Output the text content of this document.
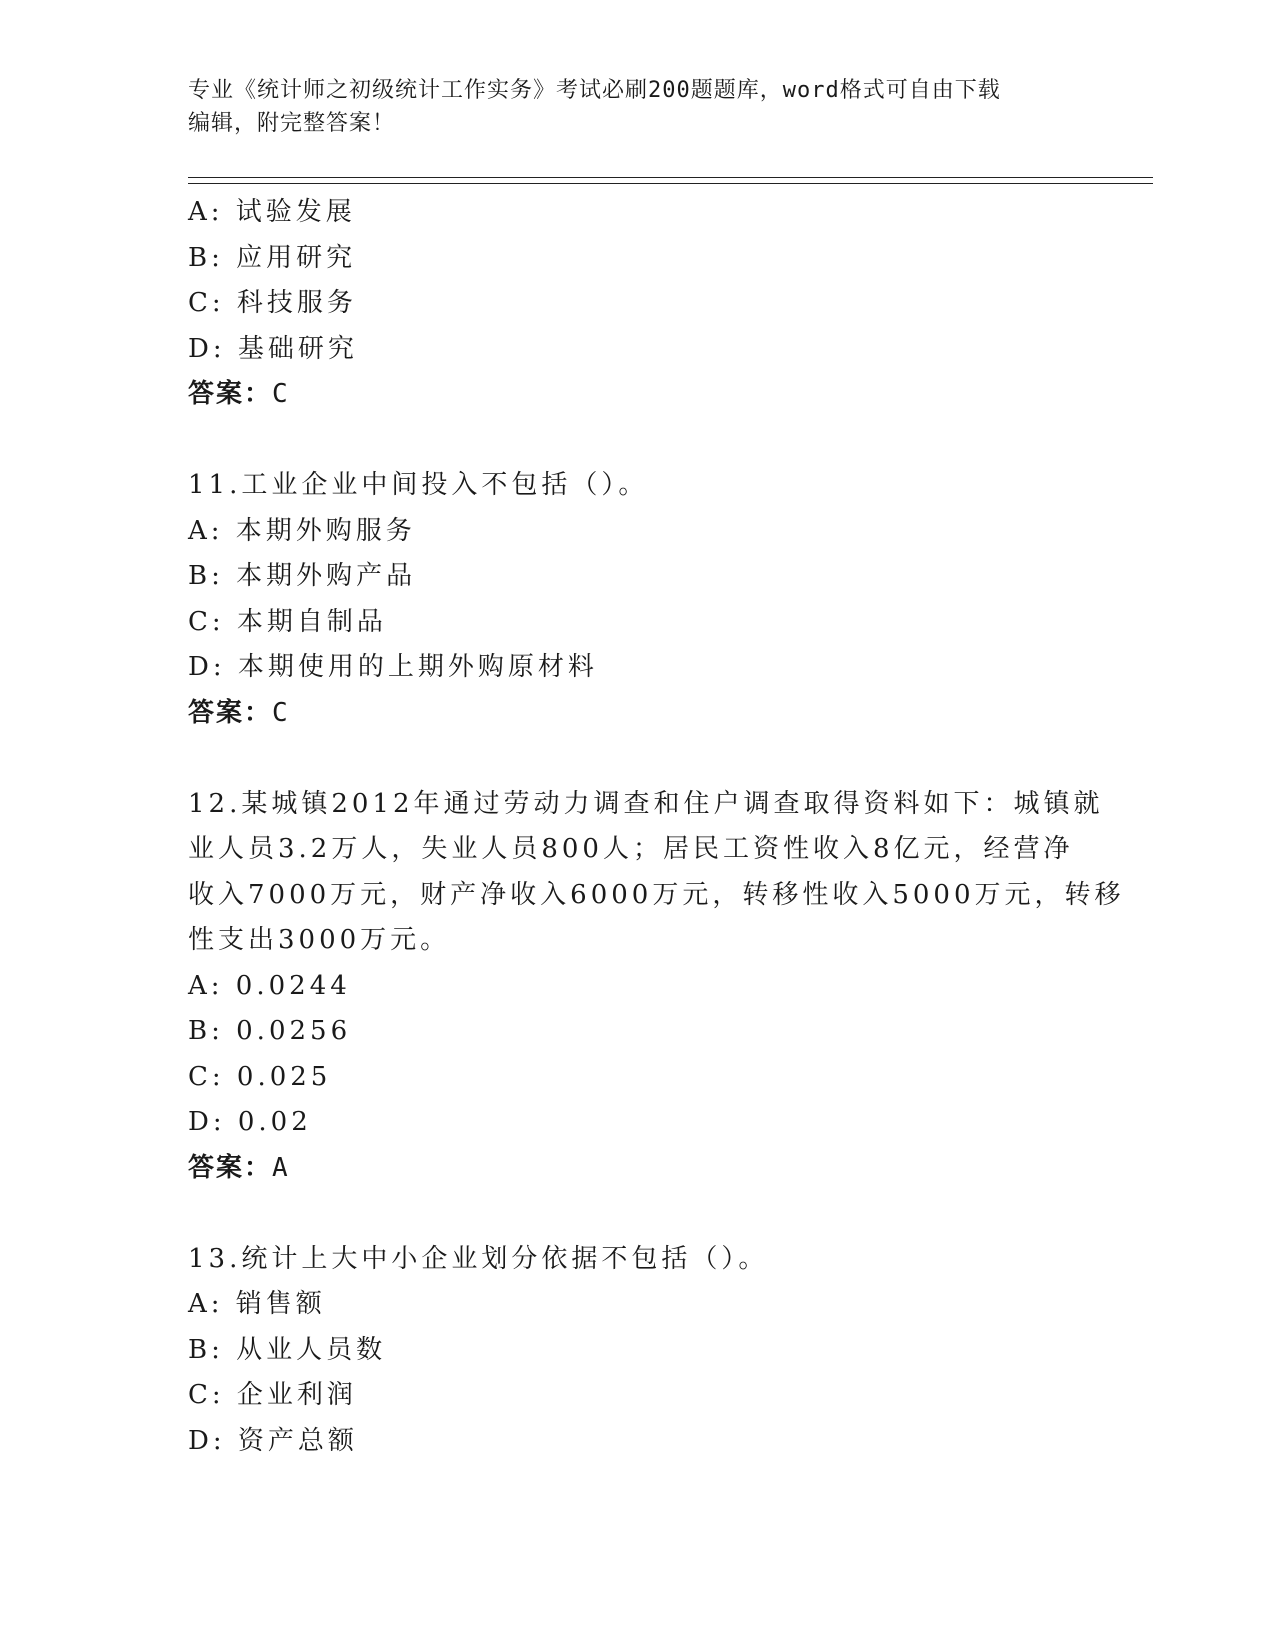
专业《统计师之初级统计工作实务》考试必刷200题题库，word格式可自由下载
编辑，附完整答案！
A: 试验发展
B: 应用研究
C: 科技服务
D: 基础研究
答案：C
11.工业企业中间投入不包括（）。
A: 本期外购服务
B: 本期外购产品
C: 本期自制品
D: 本期使用的上期外购原材料
答案：C
12.某城镇2012年通过劳动力调查和住户调查取得资料如下：城镇就
业人员3.2万人，失业人员800人；居民工资性收入8亿元，经营净
收入7000万元，财产净收入6000万元，转移性收入5000万元，转移
性支出3000万元。
A: 0.0244
B: 0.0256
C: 0.025
D: 0.02
答案：A
13.统计上大中小企业划分依据不包括（）。
A: 销售额
B: 从业人员数
C: 企业利润
D: 资产总额
